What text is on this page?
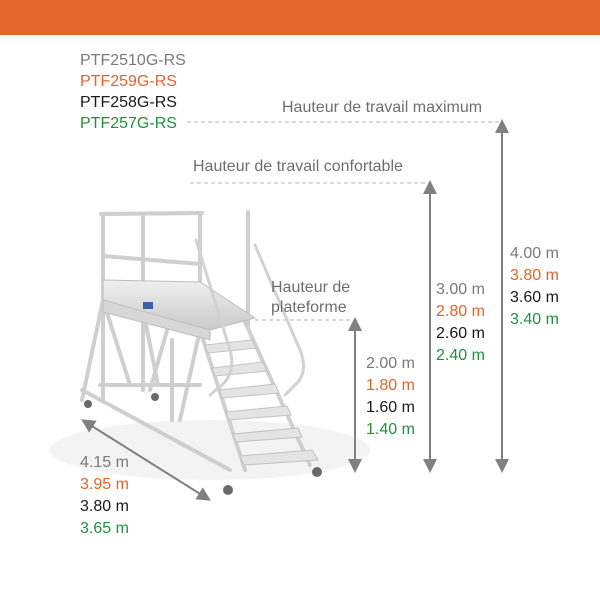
PTF2510G-RS
PTF259G-RS
PTF258G-RS
PTF257G-RS
Hauteur de travail maximum
Hauteur de travail confortable
Hauteur de
plateforme
4.00 m
3.80 m
3.60 m
3.40 m
3.00 m
2.80 m
2.60 m
2.40 m
2.00 m
1.80 m
1.60 m
1.40 m
4.15 m
3.95 m
3.80 m
3.65 m
